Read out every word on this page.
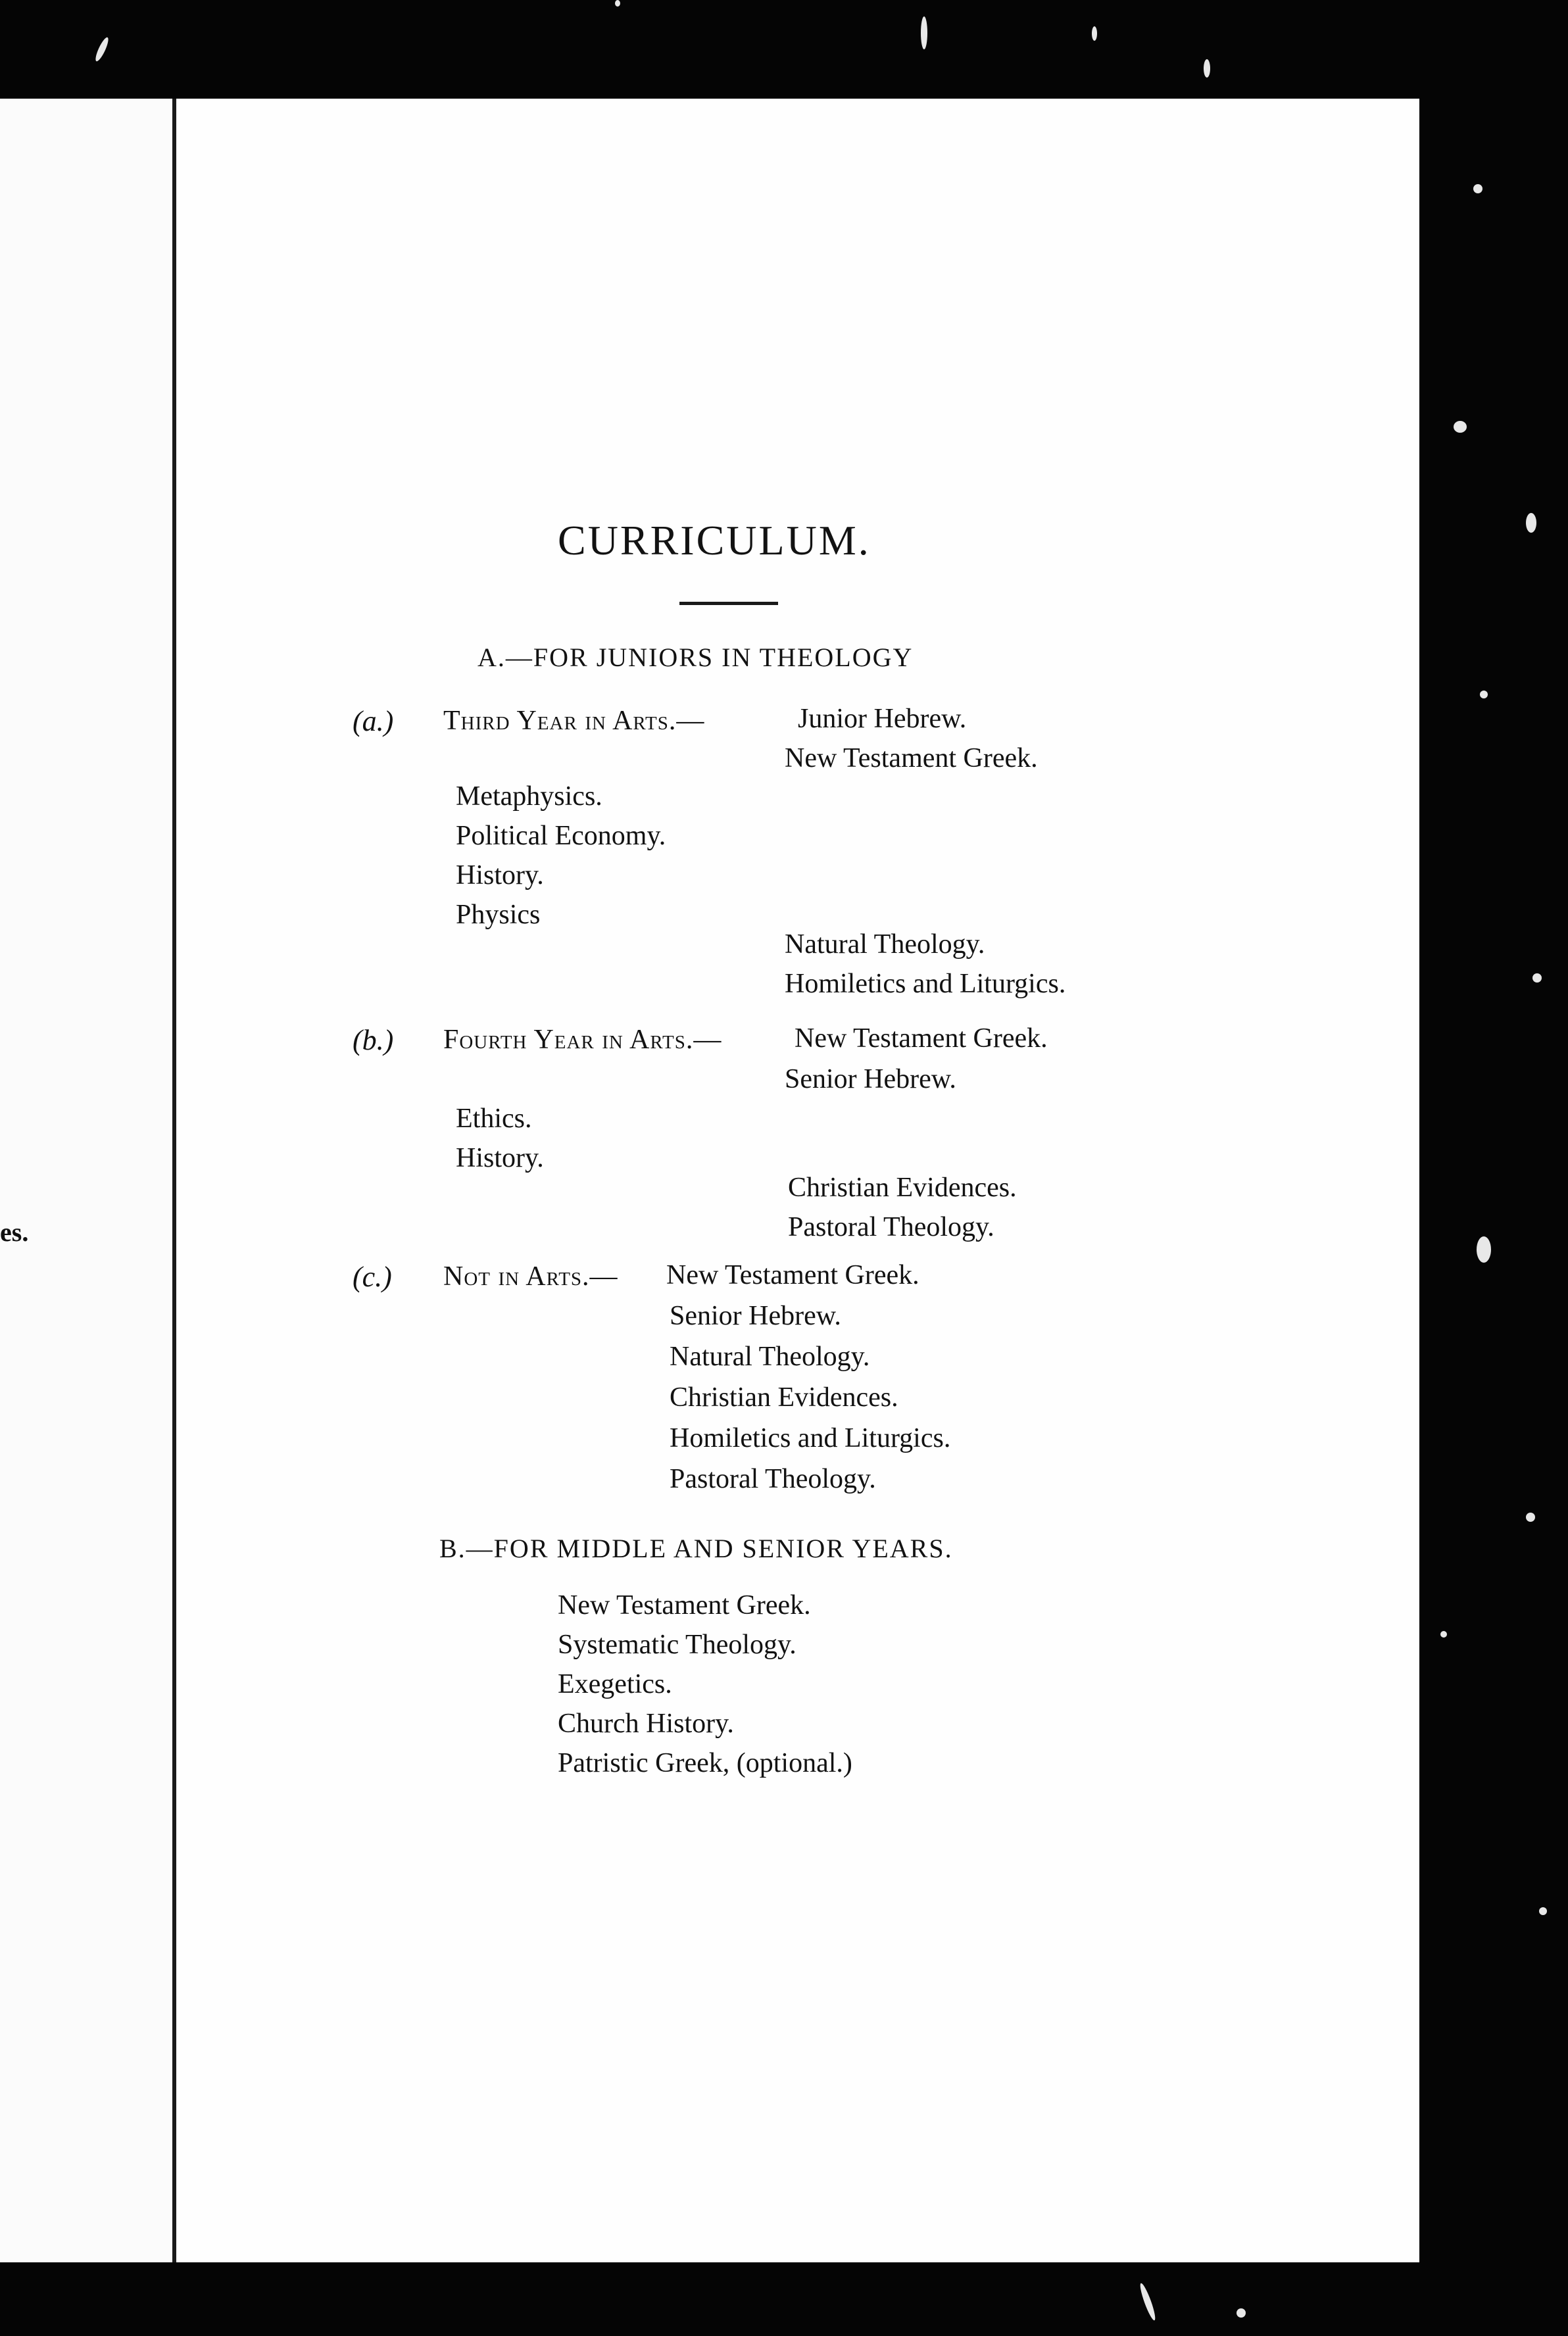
es.
CURRICULUM.
A.—FOR JUNIORS IN THEOLOGY
(a.) Third Year in Arts.—	Junior Hebrew.
New Testament Greek.
Metaphysics.
Political Economy.
History.
Physics
Natural Theology.
Homiletics and Liturgics.
(b.) Fourth Year in Arts.—	New Testament Greek.
Senior Hebrew.
Ethics.
History.
Christian Evidences.
Pastoral Theology.
(c.) Not in Arts.— New Testament Greek.
Senior Hebrew.
Natural Theology.
Christian Evidences.
Homiletics and Liturgics.
Pastoral Theology.
B.—FOR MIDDLE AND SENIOR YEARS.
New Testament Greek.
Systematic Theology.
Exegetics.
Church History.
Patristic Greek, (optional.)
